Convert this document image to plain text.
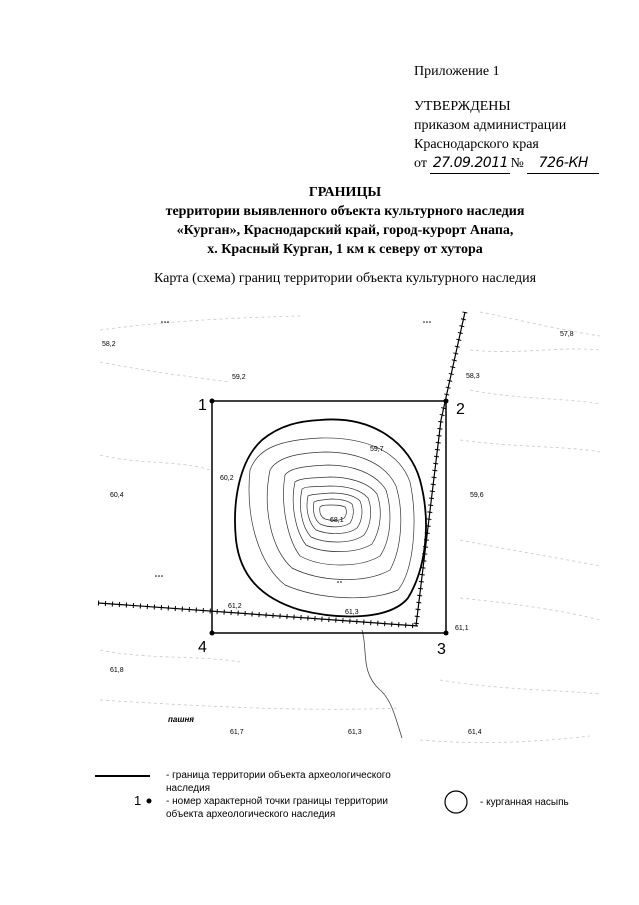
Приложение 1
УТВЕРЖДЕНЫ
приказом администрации
Краснодарского края
от 27.09.2011 № 726-КН
ГРАНИЦЫ
территории выявленного объекта культурного наследия
«Курган», Краснодарский край, город-курорт Анапа,
х. Красный Курган, 1 км к северу от хутора
Карта (схема) границ территории объекта культурного наследия
1	2
3
4
58,2
57,8
59,2	58,3
59,7
60,2
60,4	59,6
68,1
61,2
61,3
61,1
61,8
61,7	61,3	61,4
пашня
- граница территории объекта археологического
наследия
1 - номер характерной точки границы территории
объекта археологического наследия
- курганная насыпь
